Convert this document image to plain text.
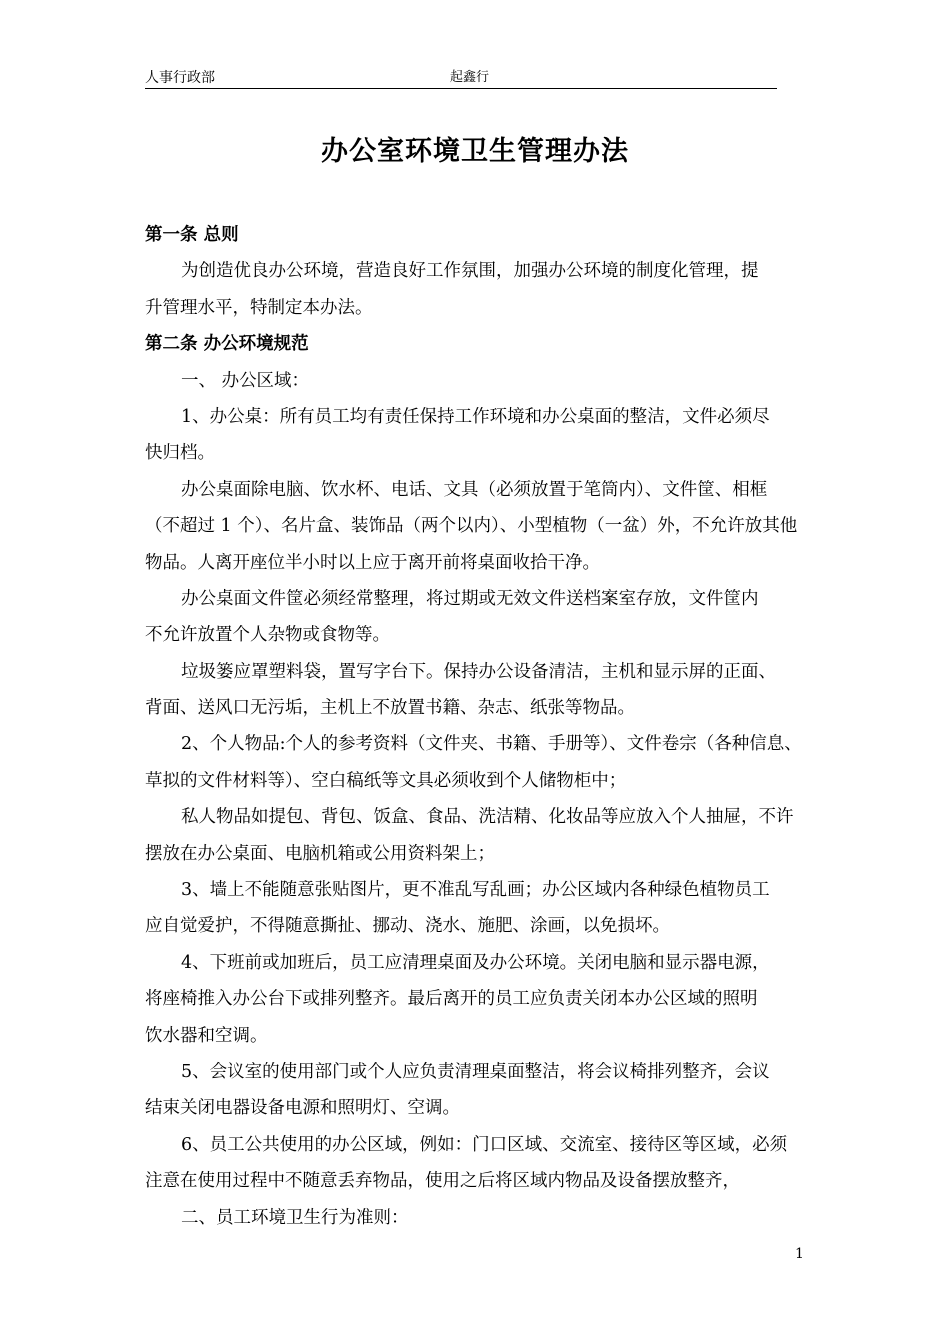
人事行政部	起鑫行
办公室环境卫生管理办法
第一条 总则
为创造优良办公环境，营造良好工作氛围，加强办公环境的制度化管理，提
升管理水平，特制定本办法。
第二条 办公环境规范
一、 办公区域：
1、办公桌：所有员工均有责任保持工作环境和办公桌面的整洁，文件必须尽
快归档。
办公桌面除电脑、饮水杯、电话、文具（必须放置于笔筒内）、文件筐、相框
（不超过 1 个）、名片盒、装饰品（两个以内）、小型植物（一盆）外，不允许放其他
物品。人离开座位半小时以上应于离开前将桌面收拾干净。
办公桌面文件筐必须经常整理，将过期或无效文件送档案室存放，文件筐内
不允许放置个人杂物或食物等。
垃圾篓应罩塑料袋，置写字台下。保持办公设备清洁，主机和显示屏的正面、
背面、送风口无污垢，主机上不放置书籍、杂志、纸张等物品。
2、个人物品:个人的参考资料（文件夹、书籍、手册等）、文件卷宗（各种信息、
草拟的文件材料等）、空白稿纸等文具必须收到个人储物柜中；
私人物品如提包、背包、饭盒、食品、洗洁精、化妆品等应放入个人抽屉，不许
摆放在办公桌面、电脑机箱或公用资料架上；
3、墙上不能随意张贴图片，更不准乱写乱画；办公区域内各种绿色植物员工
应自觉爱护，不得随意撕扯、挪动、浇水、施肥、涂画，以免损坏。
4、下班前或加班后，员工应清理桌面及办公环境。关闭电脑和显示器电源，
将座椅推入办公台下或排列整齐。最后离开的员工应负责关闭本办公区域的照明
饮水器和空调。
5、会议室的使用部门或个人应负责清理桌面整洁，将会议椅排列整齐，会议
结束关闭电器设备电源和照明灯、空调。
6、员工公共使用的办公区域，例如：门口区域、交流室、接待区等区域，必须
注意在使用过程中不随意丢弃物品，使用之后将区域内物品及设备摆放整齐，
二、员工环境卫生行为准则：
1
